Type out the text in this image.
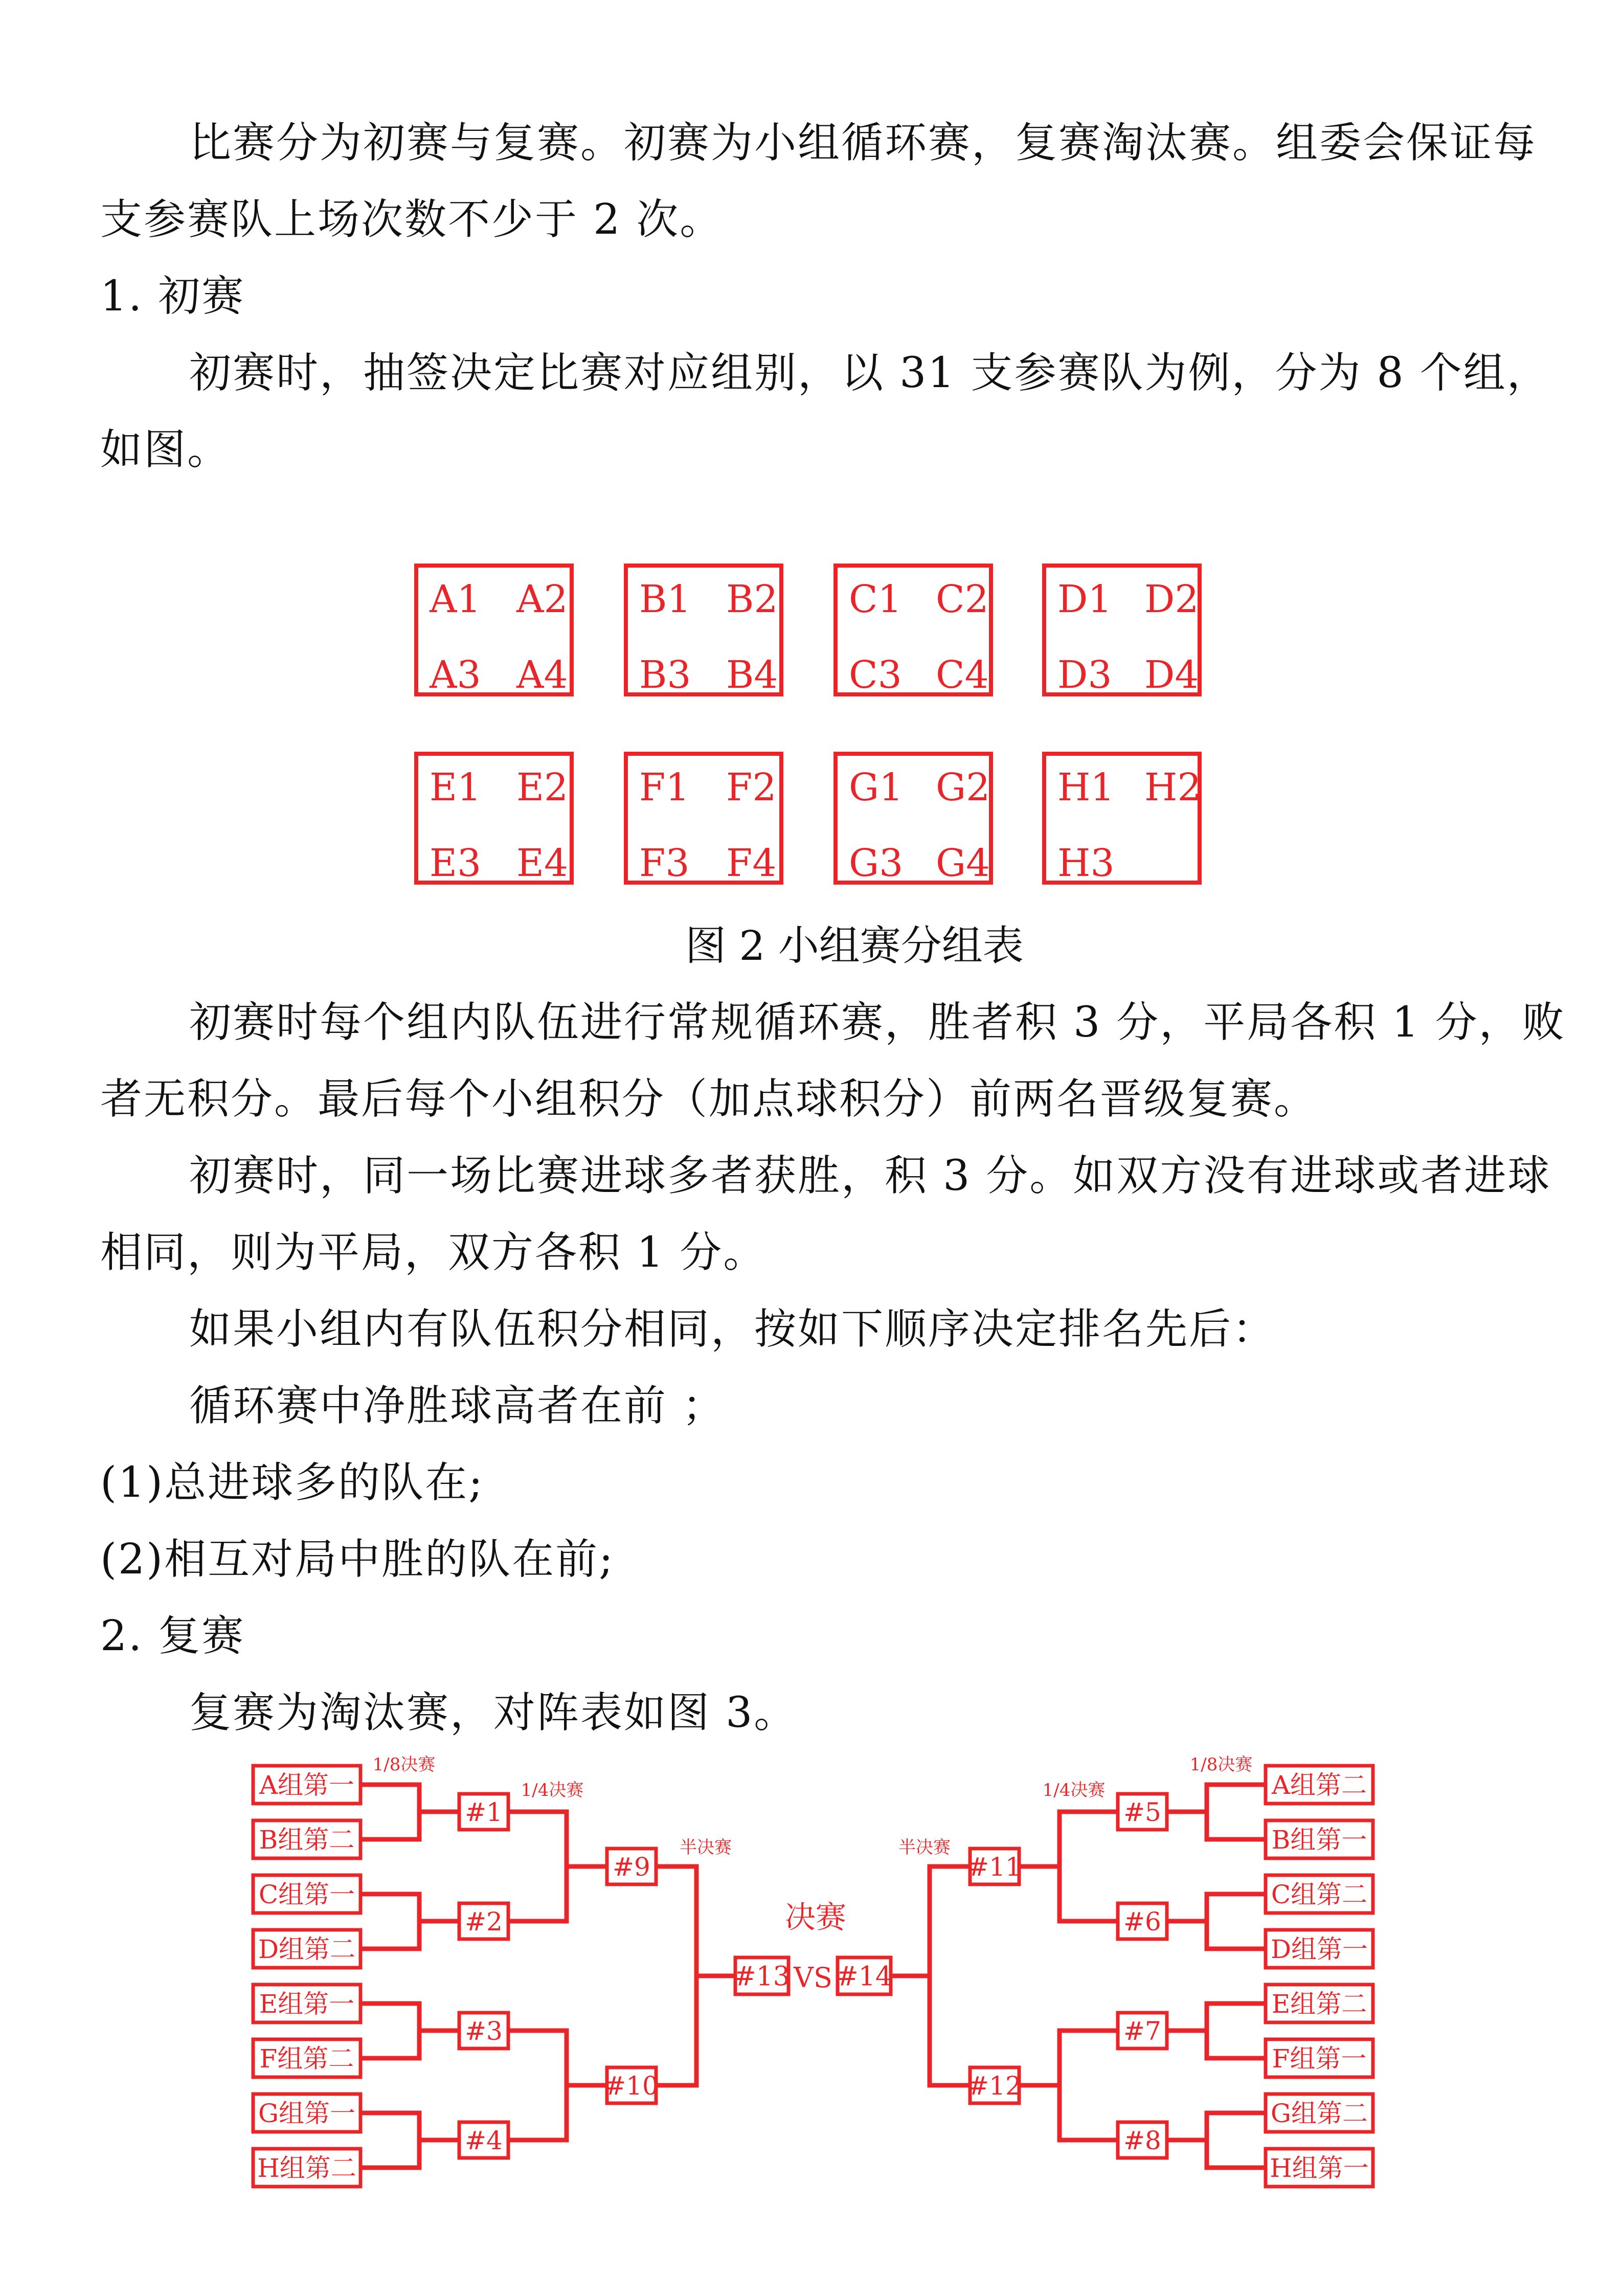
比赛分为初赛与复赛。初赛为小组循环赛，复赛淘汰赛。组委会保证每
支参赛队上场次数不少于 2 次。
1. 初赛
初赛时，抽签决定比赛对应组别，以 31 支参赛队为例，分为 8 个组，
如图。
A1 A2
A3 A4
B1 B2
B3 B4
C1 C2
C3 C4
D1 D2
D3 D4
E1 E2
E3 E4
F1 F2
F3 F4
G1 G2
G3 G4
H1 H2
H3
图 2 小组赛分组表
初赛时每个组内队伍进行常规循环赛，胜者积 3 分，平局各积 1 分，败
者无积分。最后每个小组积分（加点球积分）前两名晋级复赛。
初赛时，同一场比赛进球多者获胜，积 3 分。如双方没有进球或者进球
相同，则为平局，双方各积 1 分。
如果小组内有队伍积分相同，按如下顺序决定排名先后：
循环赛中净胜球高者在前 ；
(1)总进球多的队在;
(2)相互对局中胜的队在前;
2. 复赛
复赛为淘汰赛，对阵表如图 3。
A组第一	A组第二
B组第二	B组第一
C组第一	C组第二
D组第二	D组第一
E组第一	E组第二
F组第二	F组第一
G组第一	G组第二
H组第二	H组第一
#1	#5
#2	#6
#3	#7
#4	#8
#9	#11
#10	#12
#13 #14
VS
决赛
1/8决赛	1/8决赛
1/4决赛	1/4决赛
半决赛	半决赛
